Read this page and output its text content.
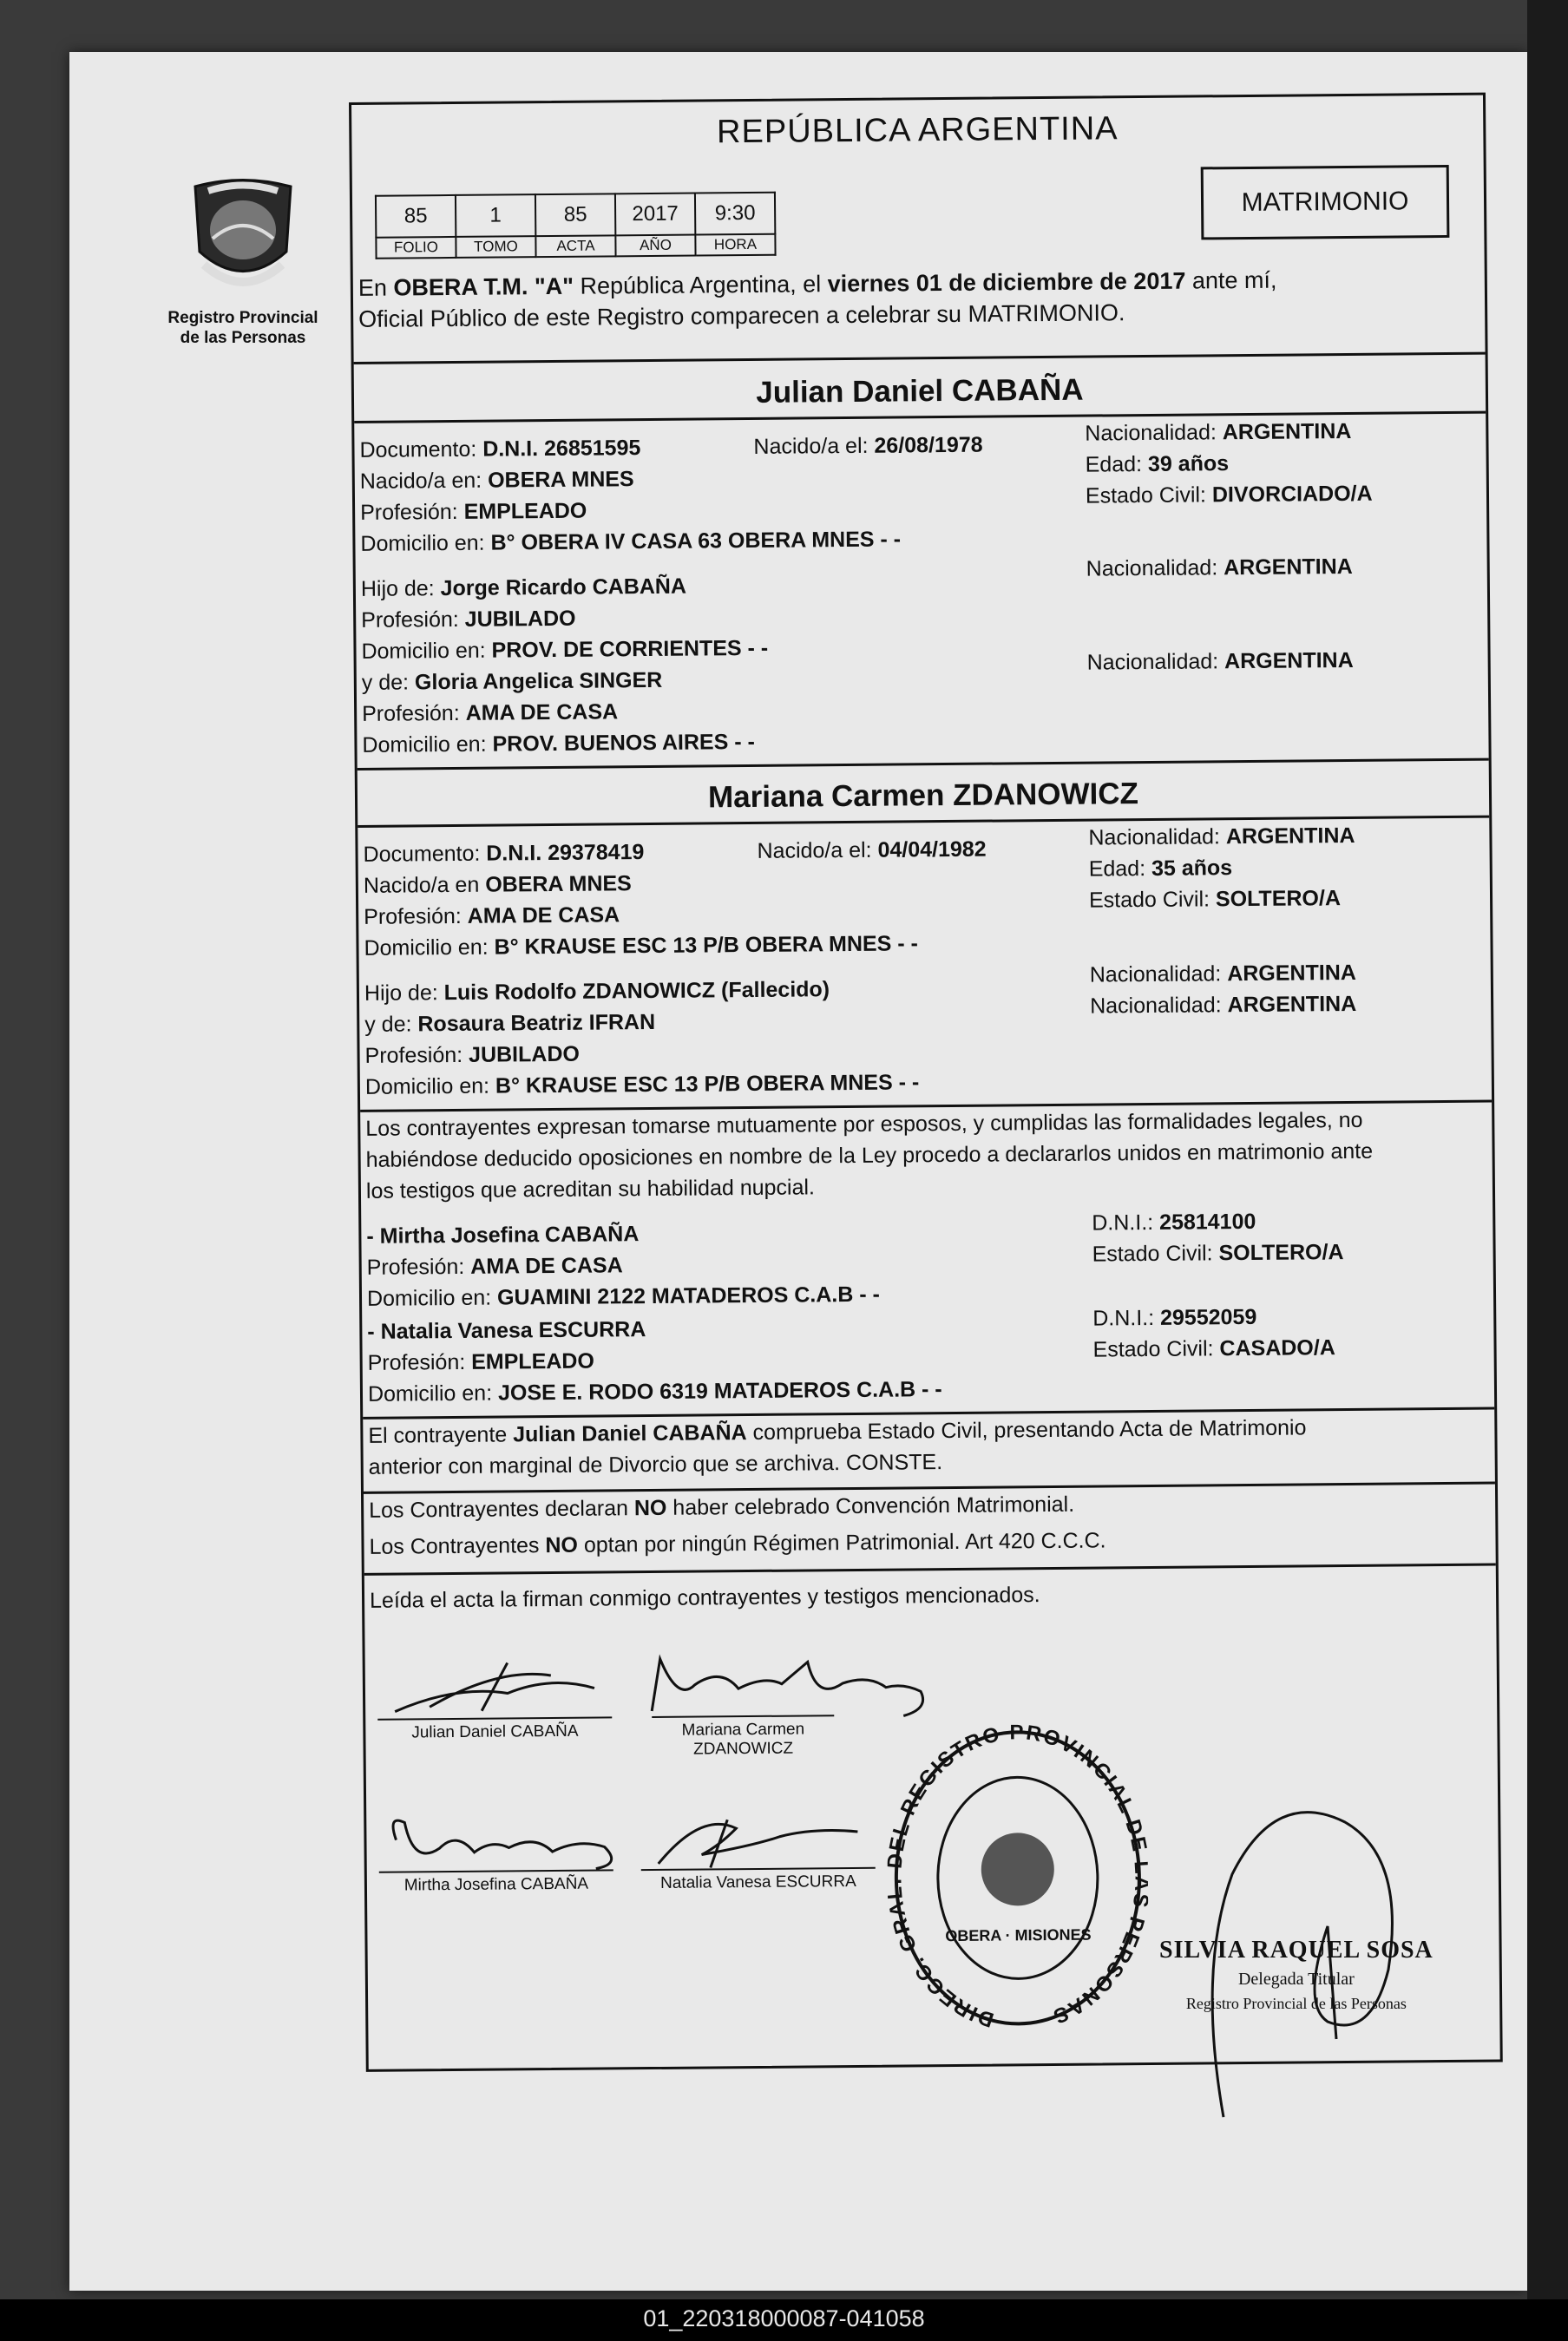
Registro Provincial
de las Personas
REPÚBLICA ARGENTINA
MATRIMONIO
85	1	85	2017	9:30
FOLIO	TOMO	ACTA	AÑO	HORA
En OBERA T.M. "A" República Argentina, el viernes 01 de diciembre de 2017 ante mí,
Oficial Público de este Registro comparecen a celebrar su MATRIMONIO.
Julian Daniel CABAÑA
Documento: D.N.I. 26851595	Nacido/a el: 26/08/1978	Nacionalidad: ARGENTINA
Edad: 39 años
Estado Civil: DIVORCIADO/A
Nacido/a en: OBERA MNES
Profesión: EMPLEADO
Domicilio en: B° OBERA IV CASA 63 OBERA MNES - -
Hijo de: Jorge Ricardo CABAÑA
Nacionalidad: ARGENTINA
Profesión: JUBILADO
Domicilio en: PROV. DE CORRIENTES - -
y de: Gloria Angelica SINGER
Nacionalidad: ARGENTINA
Profesión: AMA DE CASA
Domicilio en: PROV. BUENOS AIRES - -
Mariana Carmen ZDANOWICZ
Documento: D.N.I. 29378419	Nacido/a el: 04/04/1982	Nacionalidad: ARGENTINA
Edad: 35 años
Estado Civil: SOLTERO/A
Nacido/a en OBERA MNES
Profesión: AMA DE CASA
Domicilio en: B° KRAUSE ESC 13 P/B OBERA MNES - -
Hijo de: Luis Rodolfo ZDANOWICZ (Fallecido)
Nacionalidad: ARGENTINA
y de: Rosaura Beatriz IFRAN
Nacionalidad: ARGENTINA
Profesión: JUBILADO
Domicilio en: B° KRAUSE ESC 13 P/B OBERA MNES - -
Los contrayentes expresan tomarse mutuamente por esposos, y cumplidas las formalidades legales, no
habiéndose deducido oposiciones en nombre de la Ley procedo a declararlos unidos en matrimonio ante
los testigos que acreditan su habilidad nupcial.
- Mirtha Josefina CABAÑA	D.N.I.: 25814100
Profesión: AMA DE CASA	Estado Civil: SOLTERO/A
Domicilio en: GUAMINI 2122 MATADEROS C.A.B - -
- Natalia Vanesa ESCURRA	D.N.I.: 29552059
Profesión: EMPLEADO	Estado Civil: CASADO/A
Domicilio en: JOSE E. RODO 6319 MATADEROS C.A.B - -
El contrayente Julian Daniel CABAÑA comprueba Estado Civil, presentando Acta de Matrimonio
anterior con marginal de Divorcio que se archiva. CONSTE.
Los Contrayentes declaran NO haber celebrado Convención Matrimonial.
Los Contrayentes NO optan por ningún Régimen Patrimonial. Art 420 C.C.C.
Leída el acta la firman conmigo contrayentes y testigos mencionados.
Julian Daniel CABAÑA	Mariana Carmen
ZDANOWICZ
Mirtha Josefina CABAÑA	Natalia Vanesa ESCURRA
DIRECC. GRAL. DEL REGISTRO PROVINCIAL DE LAS PERSONAS
OBERA · MISIONES
SILVIA RAQUEL SOSA
Delegada Titular
Registro Provincial de las Personas
01_220318000087-041058
